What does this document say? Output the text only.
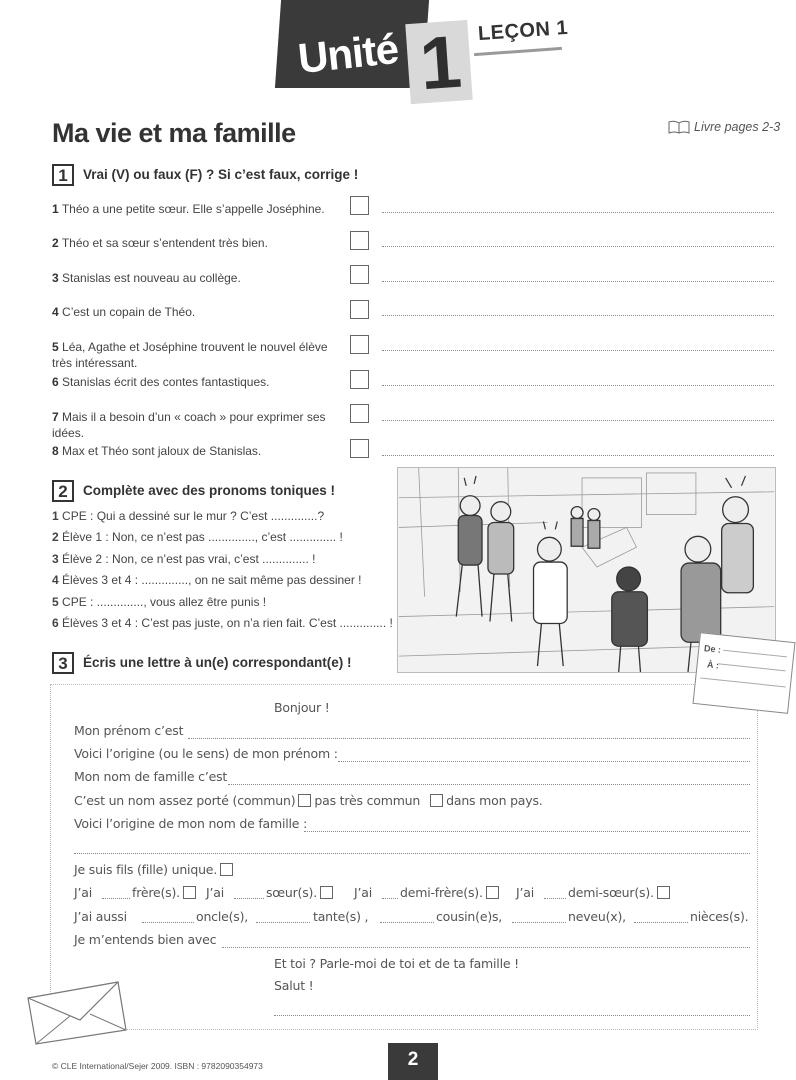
Unité 1 LEÇON 1
Ma vie et ma famille	Livre pages 2-3
1	Vrai (V) ou faux (F) ? Si c’est faux, corrige !
1 Théo a une petite sœur. Elle s’appelle Joséphine.
2 Théo et sa sœur s’entendent très bien.
3 Stanislas est nouveau au collège.
4 C’est un copain de Théo.
5 Léa, Agathe et Joséphine trouvent le nouvel élève très intéressant.
6 Stanislas écrit des contes fantastiques.
7 Mais il a besoin d’un « coach » pour exprimer ses idées.
8 Max et Théo sont jaloux de Stanislas.
2	Complète avec des pronoms toniques !
1 CPE : Qui a dessiné sur le mur ? C’est ..............?
2 Élève 1 : Non, ce n’est pas .............., c’est .............. !
3 Élève 2 : Non, ce n’est pas vrai, c’est .............. !
4 Élèves 3 et 4 : .............., on ne sait même pas dessiner !
5 CPE : .............., vous allez être punis !
6 Élèves 3 et 4 : C’est pas juste, on n’a rien fait. C’est .............. !
3	Écris une lettre à un(e) correspondant(e) !
De :
À :
Bonjour !
Mon prénom c’est
Voici l’origine (ou le sens) de mon prénom :
Mon nom de famille c’est
C’est un nom assez porté (commun) pas très commun dans mon pays.
Voici l’origine de mon nom de famille :
Je suis fils (fille) unique.
J’ai	frère(s).	J’ai	sœur(s).	J’ai demi-frère(s).	J’ai	demi-sœur(s).
J’ai aussi	oncle(s),	tante(s) ,	cousin(e)s,	neveu(x),	nièces(s).
Je m’entends bien avec
Et toi ? Parle-moi de toi et de ta famille !
Salut !
© CLE International/Sejer 2009. ISBN : 9782090354973	2
